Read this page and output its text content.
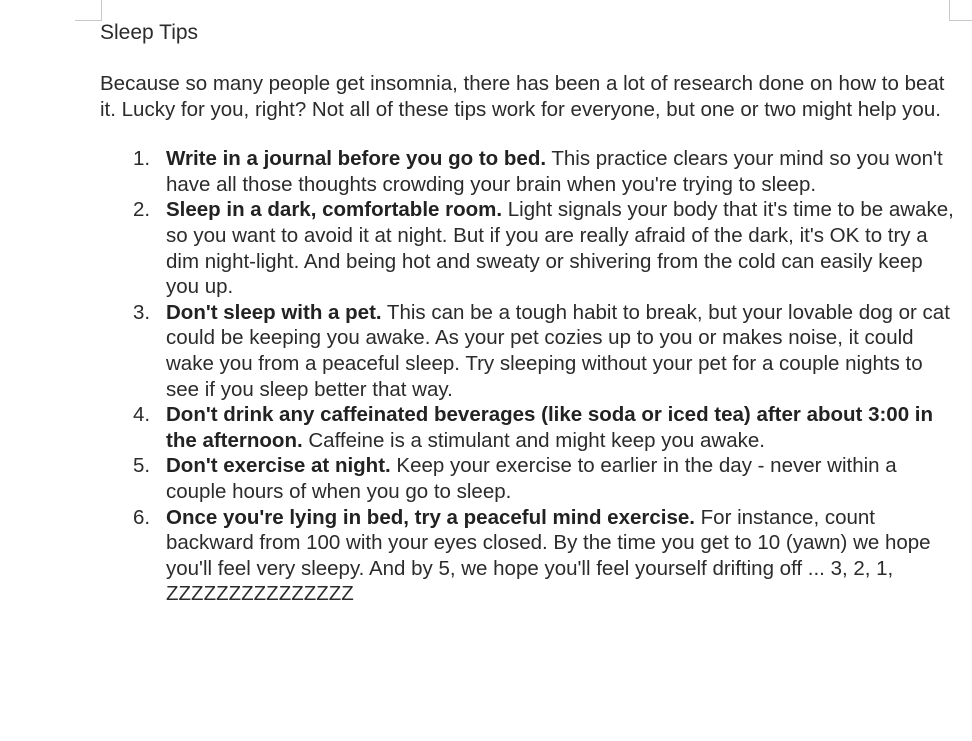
Sleep Tips

Because so many people get insomnia, there has been a lot of research done on how to beat it. Lucky for you, right? Not all of these tips work for everyone, but one or two might help you.

1. Write in a journal before you go to bed. This practice clears your mind so you won't have all those thoughts crowding your brain when you're trying to sleep.
2. Sleep in a dark, comfortable room. Light signals your body that it's time to be awake, so you want to avoid it at night. But if you are really afraid of the dark, it's OK to try a dim night-light. And being hot and sweaty or shivering from the cold can easily keep you up.
3. Don't sleep with a pet. This can be a tough habit to break, but your lovable dog or cat could be keeping you awake. As your pet cozies up to you or makes noise, it could wake you from a peaceful sleep. Try sleeping without your pet for a couple nights to see if you sleep better that way.
4. Don't drink any caffeinated beverages (like soda or iced tea) after about 3:00 in the afternoon. Caffeine is a stimulant and might keep you awake.
5. Don't exercise at night. Keep your exercise to earlier in the day - never within a couple hours of when you go to sleep.
6. Once you're lying in bed, try a peaceful mind exercise. For instance, count backward from 100 with your eyes closed. By the time you get to 10 (yawn) we hope you'll feel very sleepy. And by 5, we hope you'll feel yourself drifting off ... 3, 2, 1, ZZZZZZZZZZZZZZZ
